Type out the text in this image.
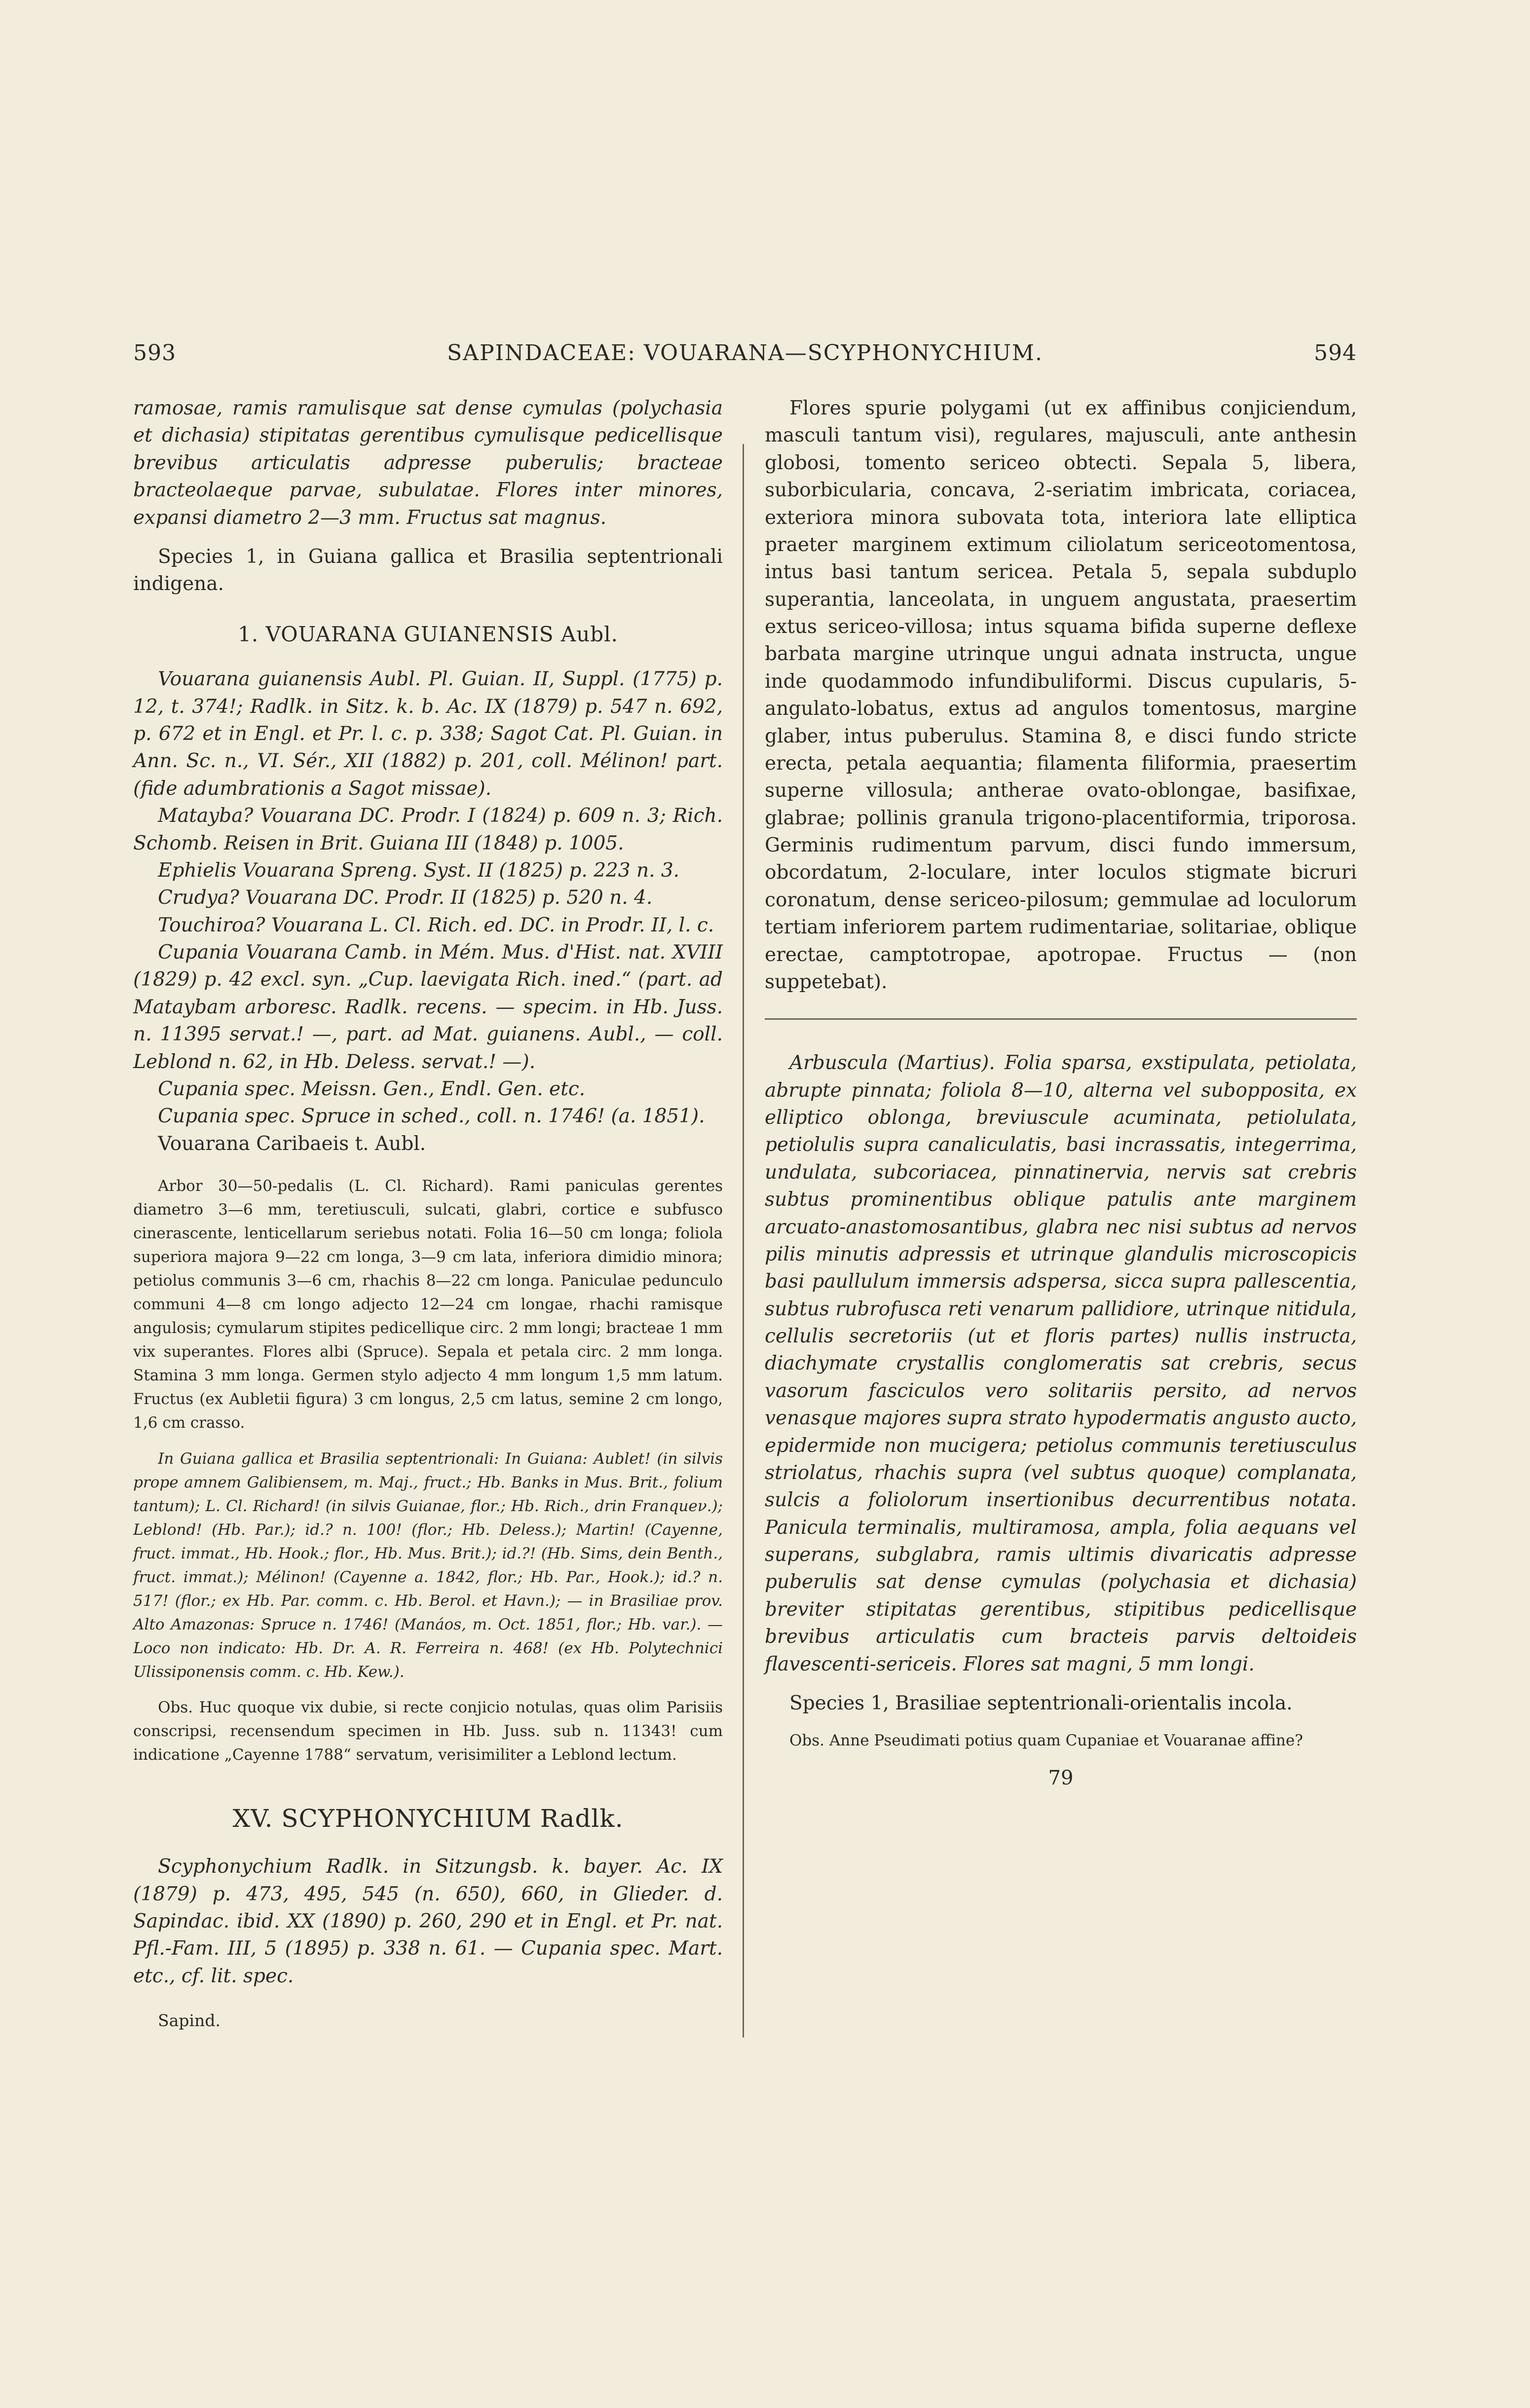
593	SAPINDACEAE: VOUARANA—SCYPHONYCHIUM.	594

ramosae, ramis ramulisque sat dense cymulas (polychasia et dichasia) stipitatas gerentibus cymulisque pedicellisque brevibus articulatis adpresse puberulis; bracteae bracteolaeque parvae, subulatae. Flores inter minores, expansi diametro 2—3 mm. Fructus sat magnus.

Species 1, in Guiana gallica et Brasilia septentrionali indigena.

1. VOUARANA GUIANENSIS Aubl.

Vouarana guianensis Aubl. Pl. Guian. II, Suppl. (1775) p. 12, t. 374!; Radlk. in Sitz. k. b. Ac. IX (1879) p. 547 n. 692, p. 672 et in Engl. et Pr. l. c. p. 338; Sagot Cat. Pl. Guian. in Ann. Sc. n., VI. Sér., XII (1882) p. 201, coll. Mélinon! part. (fide adumbrationis a Sagot missae).

Matayba? Vouarana DC. Prodr. I (1824) p. 609 n. 3; Rich. Schomb. Reisen in Brit. Guiana III (1848) p. 1005.

Ephielis Vouarana Spreng. Syst. II (1825) p. 223 n. 3.

Crudya? Vouarana DC. Prodr. II (1825) p. 520 n. 4.

Touchiroa? Vouarana L. Cl. Rich. ed. DC. in Prodr. II, l. c.

Cupania Vouarana Camb. in Mém. Mus. d'Hist. nat. XVIII (1829) p. 42 excl. syn. „Cup. laevigata Rich. ined.“ (part. ad Mataybam arboresc. Radlk. recens. — specim. in Hb. Juss. n. 11395 servat.! —, part. ad Mat. guianens. Aubl., — coll. Leblond n. 62, in Hb. Deless. servat.! —).

Cupania spec. Meissn. Gen., Endl. Gen. etc.

Cupania spec. Spruce in sched., coll. n. 1746! (a. 1851).

Vouarana Caribaeis t. Aubl.

Arbor 30—50-pedalis (L. Cl. Richard). Rami paniculas gerentes diametro 3—6 mm, teretiusculi, sulcati, glabri, cortice e subfusco cinerascente, lenticellarum seriebus notati. Folia 16—50 cm longa; foliola superiora majora 9—22 cm longa, 3—9 cm lata, inferiora dimidio minora; petiolus communis 3—6 cm, rhachis 8—22 cm longa. Paniculae pedunculo communi 4—8 cm longo adjecto 12—24 cm longae, rhachi ramisque angulosis; cymularum stipites pedicellique circ. 2 mm longi; bracteae 1 mm vix superantes. Flores albi (Spruce). Sepala et petala circ. 2 mm longa. Stamina 3 mm longa. Germen stylo adjecto 4 mm longum 1,5 mm latum. Fructus (ex Aubletii figura) 3 cm longus, 2,5 cm latus, semine 2 cm longo, 1,6 cm crasso.

In Guiana gallica et Brasilia septentrionali: In Guiana: Aublet! (in silvis prope amnem Galibiensem, m. Maj., fruct.; Hb. Banks in Mus. Brit., folium tantum); L. Cl. Richard! (in silvis Guianae, flor.; Hb. Rich., drin Franqueν.); Leblond! (Hb. Par.); id.? n. 100! (flor.; Hb. Deless.); Martin! (Cayenne, fruct. immat., Hb. Hook.; flor., Hb. Mus. Brit.); id.?! (Hb. Sims, dein Benth., fruct. immat.); Mélinon! (Cayenne a. 1842, flor.; Hb. Par., Hook.); id.? n. 517! (flor.; ex Hb. Par. comm. c. Hb. Berol. et Havn.); — in Brasiliae prov. Alto Amazonas: Spruce n. 1746! (Manáos, m. Oct. 1851, flor.; Hb. var.). — Loco non indicato: Hb. Dr. A. R. Ferreira n. 468! (ex Hb. Polytechnici Ulissiponensis comm. c. Hb. Kew.).

Obs. Huc quoque vix dubie, si recte conjicio notulas, quas olim Parisiis conscripsi, recensendum specimen in Hb. Juss. sub n. 11343! cum indicatione „Cayenne 1788“ servatum, verisimiliter a Leblond lectum.

XV. SCYPHONYCHIUM Radlk.

Scyphonychium Radlk. in Sitzungsb. k. bayer. Ac. IX (1879) p. 473, 495, 545 (n. 650), 660, in Glieder. d. Sapindac. ibid. XX (1890) p. 260, 290 et in Engl. et Pr. nat. Pfl.-Fam. III, 5 (1895) p. 338 n. 61. — Cupania spec. Mart. etc., cf. lit. spec.

Sapind.

Flores spurie polygami (ut ex affinibus conjiciendum, masculi tantum visi), regulares, majusculi, ante anthesin globosi, tomento sericeo obtecti. Sepala 5, libera, suborbicularia, concava, 2-seriatim imbricata, coriacea, exteriora minora subovata tota, interiora late elliptica praeter marginem extimum ciliolatum sericeotomentosa, intus basi tantum sericea. Petala 5, sepala subduplo superantia, lanceolata, in unguem angustata, praesertim extus sericeo-villosa; intus squama bifida superne deflexe barbata margine utrinque ungui adnata instructa, ungue inde quodammodo infundibuliformi. Discus cupularis, 5-angulato-lobatus, extus ad angulos tomentosus, margine glaber, intus puberulus. Stamina 8, e disci fundo stricte erecta, petala aequantia; filamenta filiformia, praesertim superne villosula; antherae ovato-oblongae, basifixae, glabrae; pollinis granula trigono-placentiformia, triporosa. Germinis rudimentum parvum, disci fundo immersum, obcordatum, 2-loculare, inter loculos stigmate bicruri coronatum, dense sericeo-pilosum; gemmulae ad loculorum tertiam inferiorem partem rudimentariae, solitariae, oblique erectae, camptotropae, apotropae. Fructus — (non suppetebat).

Arbuscula (Martius). Folia sparsa, exstipulata, petiolata, abrupte pinnata; foliola 8—10, alterna vel subopposita, ex elliptico oblonga, breviuscule acuminata, petiolulata, petiolulis supra canaliculatis, basi incrassatis, integerrima, undulata, subcoriacea, pinnatinervia, nervis sat crebris subtus prominentibus oblique patulis ante marginem arcuato-anastomosantibus, glabra nec nisi subtus ad nervos pilis minutis adpressis et utrinque glandulis microscopicis basi paullulum immersis adspersa, sicca supra pallescentia, subtus rubrofusca reti venarum pallidiore, utrinque nitidula, cellulis secretoriis (ut et floris partes) nullis instructa, diachymate crystallis conglomeratis sat crebris, secus vasorum fasciculos vero solitariis persito, ad nervos venasque majores supra strato hypodermatis angusto aucto, epidermide non mucigera; petiolus communis teretiusculus striolatus, rhachis supra (vel subtus quoque) complanata, sulcis a foliolorum insertionibus decurrentibus notata. Panicula terminalis, multiramosa, ampla, folia aequans vel superans, subglabra, ramis ultimis divaricatis adpresse puberulis sat dense cymulas (polychasia et dichasia) breviter stipitatas gerentibus, stipitibus pedicellisque brevibus articulatis cum bracteis parvis deltoideis flavescenti-sericeis. Flores sat magni, 5 mm longi.

Species 1, Brasiliae septentrionali-orientalis incola.

Obs. Anne Pseudimati potius quam Cupaniae et Vouaranae affine?

79
